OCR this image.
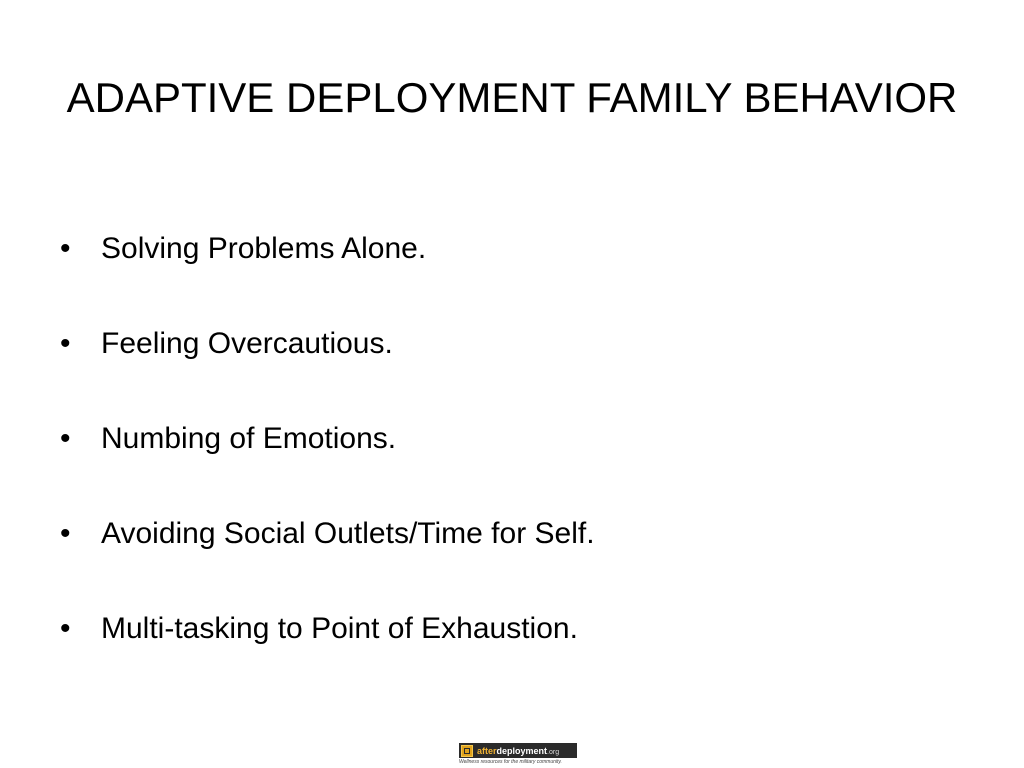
ADAPTIVE DEPLOYMENT FAMILY BEHAVIOR
•	Solving Problems Alone.
•	Feeling Overcautious.
•	Numbing of Emotions.
•	Avoiding Social Outlets/Time for Self.
•	Multi-tasking to Point of Exhaustion.
afterdeployment.org
Wellness resources for the military community.
